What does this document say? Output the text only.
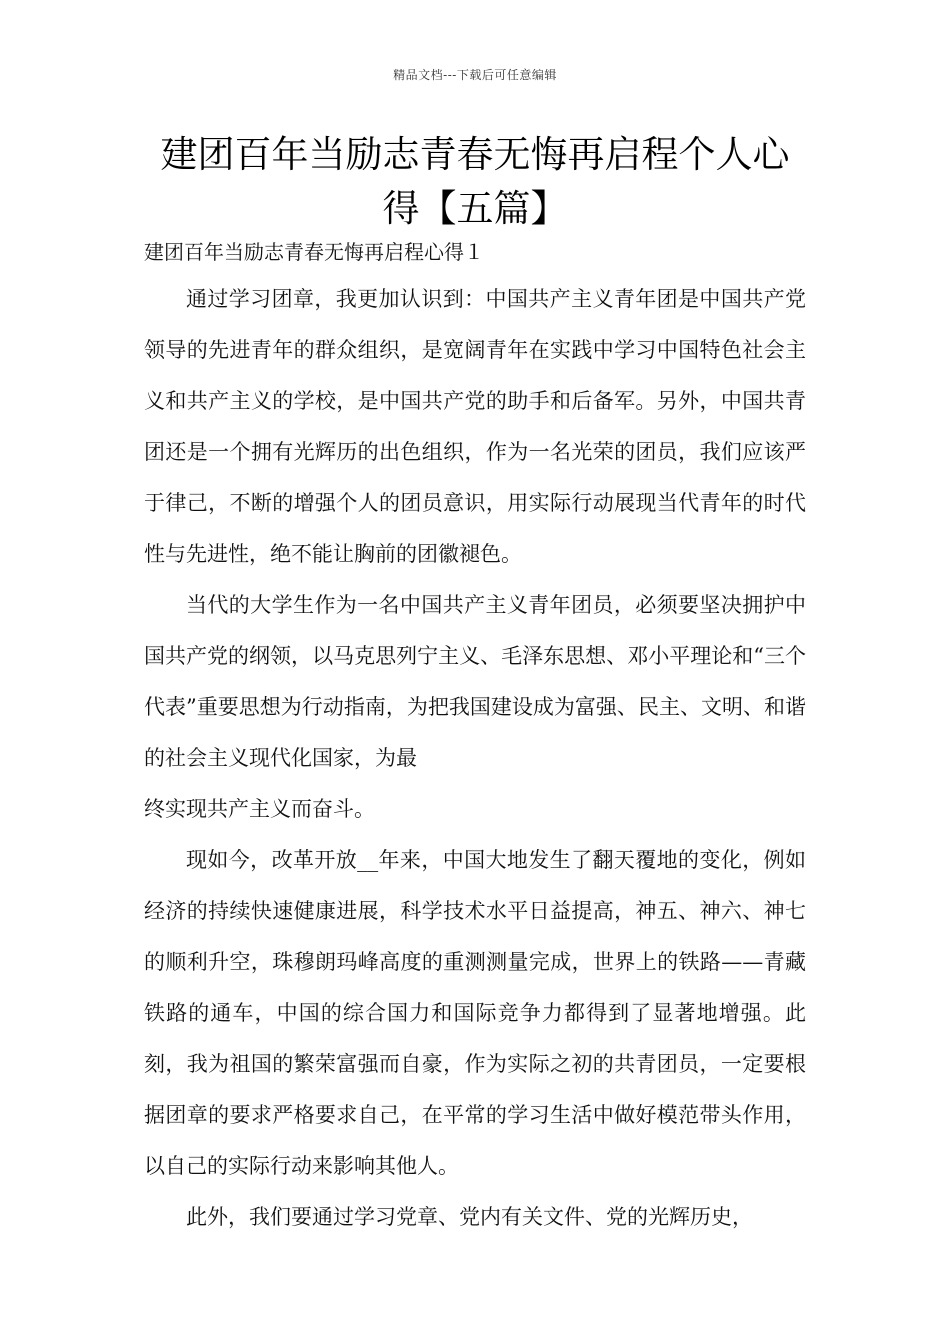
精品文档---下载后可任意编辑
建团百年当励志青春无悔再启程个人心
得【五篇】

建团百年当励志青春无悔再启程心得１

通过学习团章，我更加认识到：中国共产主义青年团是中国共产党领导的先进青年的群众组织，是宽阔青年在实践中学习中国特色社会主义和共产主义的学校，是中国共产党的助手和后备军。另外，中国共青团还是一个拥有光辉历的出色组织，作为一名光荣的团员，我们应该严于律己，不断的增强个人的团员意识，用实际行动展现当代青年的时代性与先进性，绝不能让胸前的团徽褪色。

当代的大学生作为一名中国共产主义青年团员，必须要坚决拥护中国共产党的纲领，以马克思列宁主义、毛泽东思想、邓小平理论和“三个代表”重要思想为行动指南，为把我国建设成为富强、民主、文明、和谐的社会主义现代化国家，为最

终实现共产主义而奋斗。

现如今，改革开放__年来，中国大地发生了翻天覆地的变化，例如经济的持续快速健康进展，科学技术水平日益提高，神五、神六、神七的顺利升空，珠穆朗玛峰高度的重测测量完成，世界上的铁路——青藏铁路的通车，中国的综合国力和国际竞争力都得到了显著地增强。此刻，我为祖国的繁荣富强而自豪，作为实际之初的共青团员，一定要根据团章的要求严格要求自己，在平常的学习生活中做好模范带头作用，以自己的实际行动来影响其他人。

此外，我们要通过学习党章、党内有关文件、党的光辉历史，
